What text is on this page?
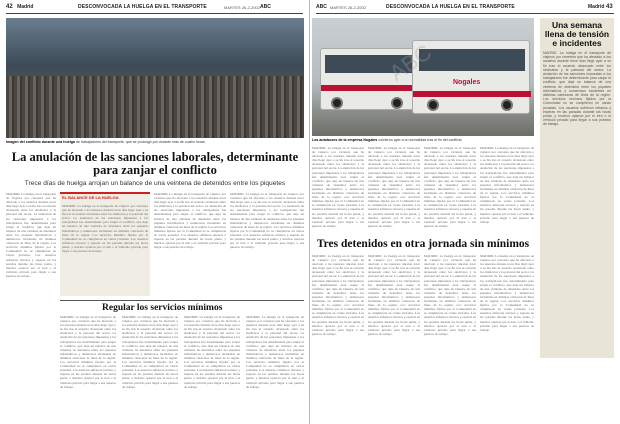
42 Madrid	DESCONVOCADA LA HUELGA EN EL TRANSPORTE	MARTES 26-2-2002 ABC
Imagen del conflicto durante una huelga de trabajadores del transporte, que se prolongó por durante más de cuatro horas
La anulación de las sanciones laborales, determinante para zanjar el conflicto
Trece días de huelga arrojan un balance de una veintena de detenidos entre los piquetes
MADRID. La huelga en el transporte de viajeros por carretera que ha afectado a los usuarios durante trece días llegó ayer a su fin tras el acuerdo alcanzado entre los sindicatos y la patronal del sector. La anulación de las sanciones impuestas a los trabajadores fue determinante para zanjar el conflicto, que deja un balance de una veintena de detenidos entre los piquetes informativos y numerosos incidentes en distintas cabeceras de línea de la región. Los servicios mínimos fijados por la Comunidad no se cumplieron en varias jornadas. Los usuarios sufrieron retrasos y esperas en las paradas durante las horas punta, y muchos optaron por el tren o el vehículo privado para llegar a sus puestos de trabajo.
EL BALANCE DE LA HUELGA
MADRID. La huelga en el transporte de viajeros por carretera que ha afectado a los usuarios durante trece días llegó ayer a su fin tras el acuerdo alcanzado entre los sindicatos y la patronal del sector. La anulación de las sanciones impuestas a los trabajadores fue determinante para zanjar el conflicto, que deja un balance de una veintena de detenidos entre los piquetes informativos y numerosos incidentes en distintas cabeceras de línea de la región. Los servicios mínimos fijados por la Comunidad no se cumplieron en varias jornadas. Los usuarios sufrieron retrasos y esperas en las paradas durante las horas punta, y muchos optaron por el tren o el vehículo privado para llegar a sus puestos de trabajo.
MADRID. La huelga en el transporte de viajeros por carretera que ha afectado a los usuarios durante trece días llegó ayer a su fin tras el acuerdo alcanzado entre los sindicatos y la patronal del sector. La anulación de las sanciones impuestas a los trabajadores fue determinante para zanjar el conflicto, que deja un balance de una veintena de detenidos entre los piquetes informativos y numerosos incidentes en distintas cabeceras de línea de la región. Los servicios mínimos fijados por la Comunidad no se cumplieron en varias jornadas. Los usuarios sufrieron retrasos y esperas en las paradas durante las horas punta, y muchos optaron por el tren o el vehículo privado para llegar a sus puestos de trabajo.
MADRID. La huelga en el transporte de viajeros por carretera que ha afectado a los usuarios durante trece días llegó ayer a su fin tras el acuerdo alcanzado entre los sindicatos y la patronal del sector. La anulación de las sanciones impuestas a los trabajadores fue determinante para zanjar el conflicto, que deja un balance de una veintena de detenidos entre los piquetes informativos y numerosos incidentes en distintas cabeceras de línea de la región. Los servicios mínimos fijados por la Comunidad no se cumplieron en varias jornadas. Los usuarios sufrieron retrasos y esperas en las paradas durante las horas punta, y muchos optaron por el tren o el vehículo privado para llegar a sus puestos de trabajo.
Regular los servicios mínimos
MADRID. La huelga en el transporte de viajeros por carretera que ha afectado a los usuarios durante trece días llegó ayer a su fin tras el acuerdo alcanzado entre los sindicatos y la patronal del sector. La anulación de las sanciones impuestas a los trabajadores fue determinante para zanjar el conflicto, que deja un balance de una veintena de detenidos entre los piquetes informativos y numerosos incidentes en distintas cabeceras de línea de la región. Los servicios mínimos fijados por la Comunidad no se cumplieron en varias jornadas. Los usuarios sufrieron retrasos y esperas en las paradas durante las horas punta, y muchos optaron por el tren o el vehículo privado para llegar a sus puestos de trabajo.
MADRID. La huelga en el transporte de viajeros por carretera que ha afectado a los usuarios durante trece días llegó ayer a su fin tras el acuerdo alcanzado entre los sindicatos y la patronal del sector. La anulación de las sanciones impuestas a los trabajadores fue determinante para zanjar el conflicto, que deja un balance de una veintena de detenidos entre los piquetes informativos y numerosos incidentes en distintas cabeceras de línea de la región. Los servicios mínimos fijados por la Comunidad no se cumplieron en varias jornadas. Los usuarios sufrieron retrasos y esperas en las paradas durante las horas punta, y muchos optaron por el tren o el vehículo privado para llegar a sus puestos de trabajo.
MADRID. La huelga en el transporte de viajeros por carretera que ha afectado a los usuarios durante trece días llegó ayer a su fin tras el acuerdo alcanzado entre los sindicatos y la patronal del sector. La anulación de las sanciones impuestas a los trabajadores fue determinante para zanjar el conflicto, que deja un balance de una veintena de detenidos entre los piquetes informativos y numerosos incidentes en distintas cabeceras de línea de la región. Los servicios mínimos fijados por la Comunidad no se cumplieron en varias jornadas. Los usuarios sufrieron retrasos y esperas en las paradas durante las horas punta, y muchos optaron por el tren o el vehículo privado para llegar a sus puestos de trabajo.
MADRID. La huelga en el transporte de viajeros por carretera que ha afectado a los usuarios durante trece días llegó ayer a su fin tras el acuerdo alcanzado entre los sindicatos y la patronal del sector. La anulación de las sanciones impuestas a los trabajadores fue determinante para zanjar el conflicto, que deja un balance de una veintena de detenidos entre los piquetes informativos y numerosos incidentes en distintas cabeceras de línea de la región. Los servicios mínimos fijados por la Comunidad no se cumplieron en varias jornadas. Los usuarios sufrieron retrasos y esperas en las paradas durante las horas punta, y muchos optaron por el tren o el vehículo privado para llegar a sus puestos de trabajo.
ABC MARTES 26-2-2002	DESCONVOCADA LA HUELGA EN EL TRANSPORTE	Madrid 43
Nogales
Los autobuses de la empresa Nogales volvieron ayer a la normalidad tras el fin del conflicto
MADRID. La huelga en el transporte de viajeros por carretera que ha afectado a los usuarios durante trece días llegó ayer a su fin tras el acuerdo alcanzado entre los sindicatos y la patronal del sector. La anulación de las sanciones impuestas a los trabajadores fue determinante para zanjar el conflicto, que deja un balance de una veintena de detenidos entre los piquetes informativos y numerosos incidentes en distintas cabeceras de línea de la región. Los servicios mínimos fijados por la Comunidad no se cumplieron en varias jornadas. Los usuarios sufrieron retrasos y esperas en las paradas durante las horas punta, y muchos optaron por el tren o el vehículo privado para llegar a sus puestos de trabajo.
MADRID. La huelga en el transporte de viajeros por carretera que ha afectado a los usuarios durante trece días llegó ayer a su fin tras el acuerdo alcanzado entre los sindicatos y la patronal del sector. La anulación de las sanciones impuestas a los trabajadores fue determinante para zanjar el conflicto, que deja un balance de una veintena de detenidos entre los piquetes informativos y numerosos incidentes en distintas cabeceras de línea de la región. Los servicios mínimos fijados por la Comunidad no se cumplieron en varias jornadas. Los usuarios sufrieron retrasos y esperas en las paradas durante las horas punta, y muchos optaron por el tren o el vehículo privado para llegar a sus puestos de trabajo.
MADRID. La huelga en el transporte de viajeros por carretera que ha afectado a los usuarios durante trece días llegó ayer a su fin tras el acuerdo alcanzado entre los sindicatos y la patronal del sector. La anulación de las sanciones impuestas a los trabajadores fue determinante para zanjar el conflicto, que deja un balance de una veintena de detenidos entre los piquetes informativos y numerosos incidentes en distintas cabeceras de línea de la región. Los servicios mínimos fijados por la Comunidad no se cumplieron en varias jornadas. Los usuarios sufrieron retrasos y esperas en las paradas durante las horas punta, y muchos optaron por el tren o el vehículo privado para llegar a sus puestos de trabajo.
MADRID. La huelga en el transporte de viajeros por carretera que ha afectado a los usuarios durante trece días llegó ayer a su fin tras el acuerdo alcanzado entre los sindicatos y la patronal del sector. La anulación de las sanciones impuestas a los trabajadores fue determinante para zanjar el conflicto, que deja un balance de una veintena de detenidos entre los piquetes informativos y numerosos incidentes en distintas cabeceras de línea de la región. Los servicios mínimos fijados por la Comunidad no se cumplieron en varias jornadas. Los usuarios sufrieron retrasos y esperas en las paradas durante las horas punta, y muchos optaron por el tren o el vehículo privado para llegar a sus puestos de trabajo.
Tres detenidos en otra jornada sin mínimos
MADRID. La huelga en el transporte de viajeros por carretera que ha afectado a los usuarios durante trece días llegó ayer a su fin tras el acuerdo alcanzado entre los sindicatos y la patronal del sector. La anulación de las sanciones impuestas a los trabajadores fue determinante para zanjar el conflicto, que deja un balance de una veintena de detenidos entre los piquetes informativos y numerosos incidentes en distintas cabeceras de línea de la región. Los servicios mínimos fijados por la Comunidad no se cumplieron en varias jornadas. Los usuarios sufrieron retrasos y esperas en las paradas durante las horas punta, y muchos optaron por el tren o el vehículo privado para llegar a sus puestos de trabajo.
MADRID. La huelga en el transporte de viajeros por carretera que ha afectado a los usuarios durante trece días llegó ayer a su fin tras el acuerdo alcanzado entre los sindicatos y la patronal del sector. La anulación de las sanciones impuestas a los trabajadores fue determinante para zanjar el conflicto, que deja un balance de una veintena de detenidos entre los piquetes informativos y numerosos incidentes en distintas cabeceras de línea de la región. Los servicios mínimos fijados por la Comunidad no se cumplieron en varias jornadas. Los usuarios sufrieron retrasos y esperas en las paradas durante las horas punta, y muchos optaron por el tren o el vehículo privado para llegar a sus puestos de trabajo.
MADRID. La huelga en el transporte de viajeros por carretera que ha afectado a los usuarios durante trece días llegó ayer a su fin tras el acuerdo alcanzado entre los sindicatos y la patronal del sector. La anulación de las sanciones impuestas a los trabajadores fue determinante para zanjar el conflicto, que deja un balance de una veintena de detenidos entre los piquetes informativos y numerosos incidentes en distintas cabeceras de línea de la región. Los servicios mínimos fijados por la Comunidad no se cumplieron en varias jornadas. Los usuarios sufrieron retrasos y esperas en las paradas durante las horas punta, y muchos optaron por el tren o el vehículo privado para llegar a sus puestos de trabajo.
MADRID. La huelga en el transporte de viajeros por carretera que ha afectado a los usuarios durante trece días llegó ayer a su fin tras el acuerdo alcanzado entre los sindicatos y la patronal del sector. La anulación de las sanciones impuestas a los trabajadores fue determinante para zanjar el conflicto, que deja un balance de una veintena de detenidos entre los piquetes informativos y numerosos incidentes en distintas cabeceras de línea de la región. Los servicios mínimos fijados por la Comunidad no se cumplieron en varias jornadas. Los usuarios sufrieron retrasos y esperas en las paradas durante las horas punta, y muchos optaron por el tren o el vehículo privado para llegar a sus puestos de trabajo.
Una semana llena de tensión e incidentes
MADRID. La huelga en el transporte de viajeros por carretera que ha afectado a los usuarios durante trece días llegó ayer a su fin tras el acuerdo alcanzado entre los sindicatos y la patronal del sector. La anulación de las sanciones impuestas a los trabajadores fue determinante para zanjar el conflicto, que deja un balance de una veintena de detenidos entre los piquetes informativos y numerosos incidentes en distintas cabeceras de línea de la región. Los servicios mínimos fijados por la Comunidad no se cumplieron en varias jornadas. Los usuarios sufrieron retrasos y esperas en las paradas durante las horas punta, y muchos optaron por el tren o el vehículo privado para llegar a sus puestos de trabajo.
ABC
